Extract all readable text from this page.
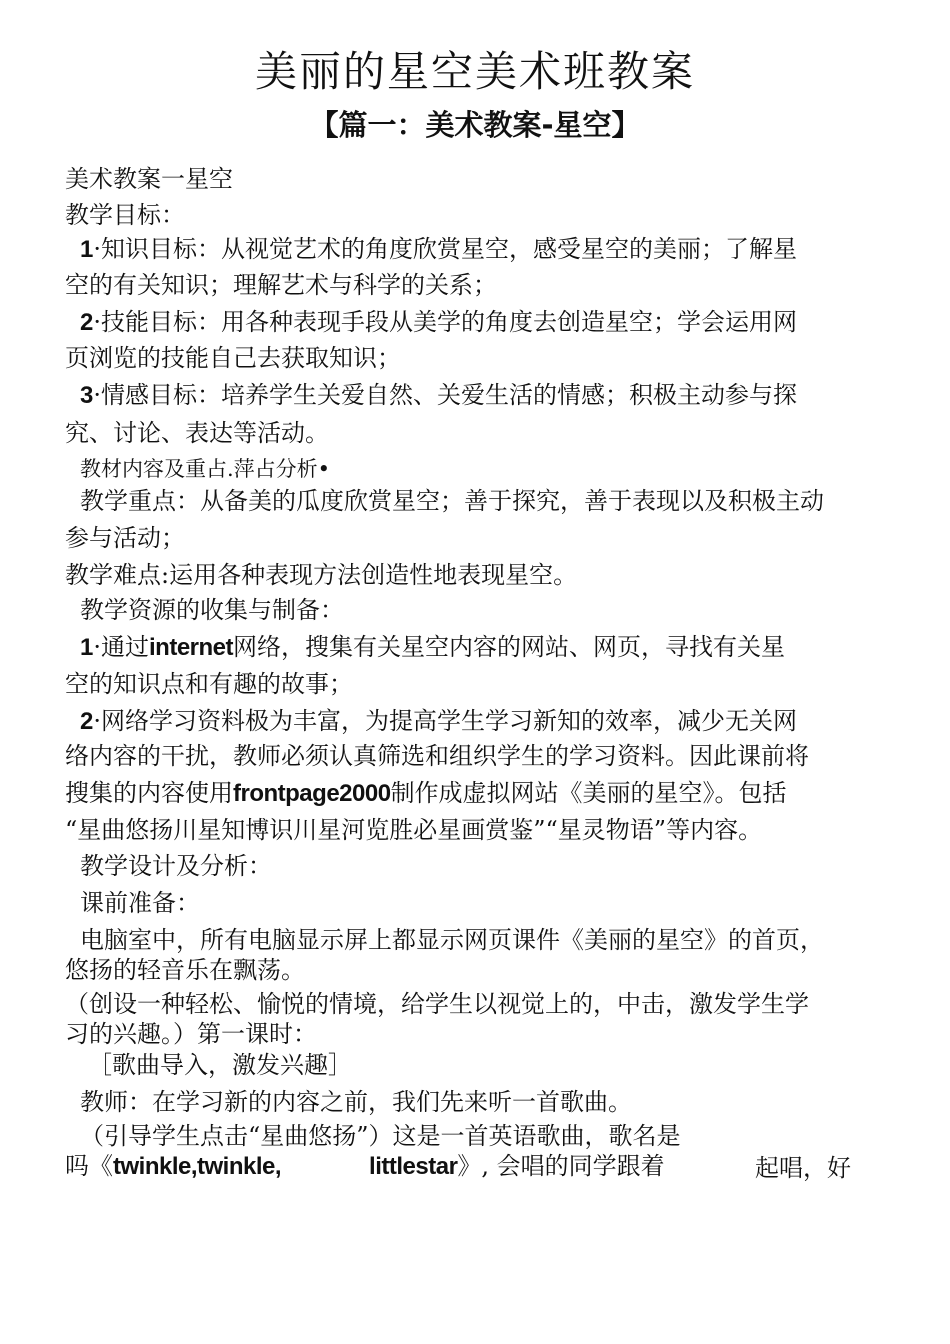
美丽的星空美术班教案
【篇一：美术教案-星空】

美术教案一星空

教学目标：

1·知识目标：从视觉艺术的角度欣赏星空，感受星空的美丽；了解星

空的有关知识；理解艺术与科学的关系；

2·技能目标：用各种表现手段从美学的角度去创造星空；学会运用网

页浏览的技能自己去获取知识；

3·情感目标：培养学生关爱自然、关爱生活的情感；积极主动参与探

究、讨论、表达等活动。

教材内容及重占.萍占分析•

教学重点：从备美的瓜度欣赏星空；善于探究，善于表现以及积极主动

参与活动；

教学难点:运用各种表现方法创造性地表现星空。

教学资源的收集与制备：

1·通过internet网络，搜集有关星空内容的网站、网页，寻找有关星

空的知识点和有趣的故事；

2·网络学习资料极为丰富，为提高学生学习新知的效率，减少无关网

络内容的干扰，教师必须认真筛选和组织学生的学习资料。因此课前将

搜集的内容使用frontpage2000制作成虚拟网站《美丽的星空》。包括

“星曲悠扬川星知博识川星河览胜必星画赏鉴”“星灵物语”等内容。

教学设计及分析：

课前准备：

电脑室中，所有电脑显示屏上都显示网页课件《美丽的星空》的首页，

悠扬的轻音乐在飘荡。

（创设一种轻松、愉悦的情境，给学生以视觉上的，中击，激发学生学

习的兴趣。）第一课时：

［歌曲导入，激发兴趣］

教师：在学习新的内容之前，我们先来听一首歌曲。

（引导学生点击“星曲悠扬”）这是一首英语歌曲，歌名是

吗《twinkle,twinkle,	littlestar》, 会唱的同学跟着	起唱，好
